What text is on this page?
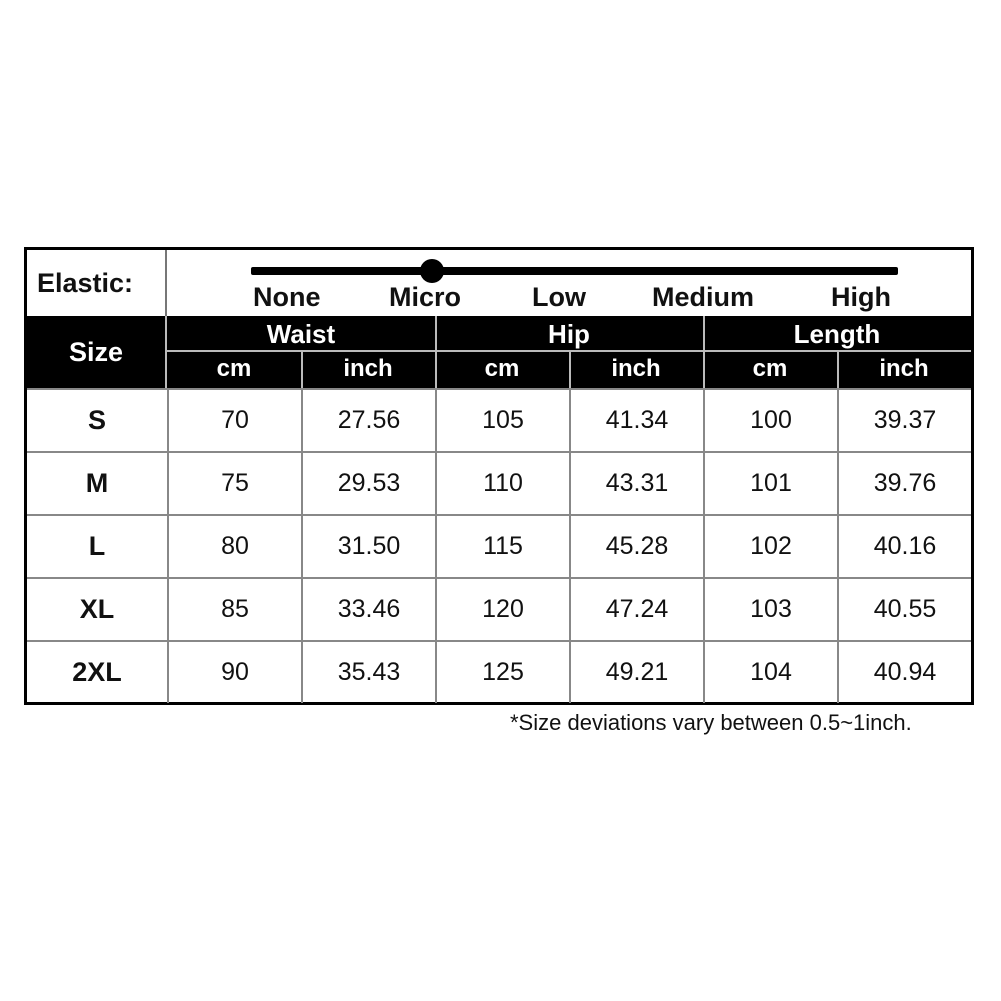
Elastic:	None	Micro	Low Medium	High
Size
Waist	Hip	Length
cm	inch	cm	inch	cm	inch
S	70	27.56	105	41.34	100	39.37
M	75	29.53	110	43.31	101	39.76
L	80	31.50	115	45.28	102	40.16
XL	85	33.46	120	47.24	103	40.55
2XL	90	35.43	125	49.21	104	40.94
*Size deviations vary between 0.5~1inch.
